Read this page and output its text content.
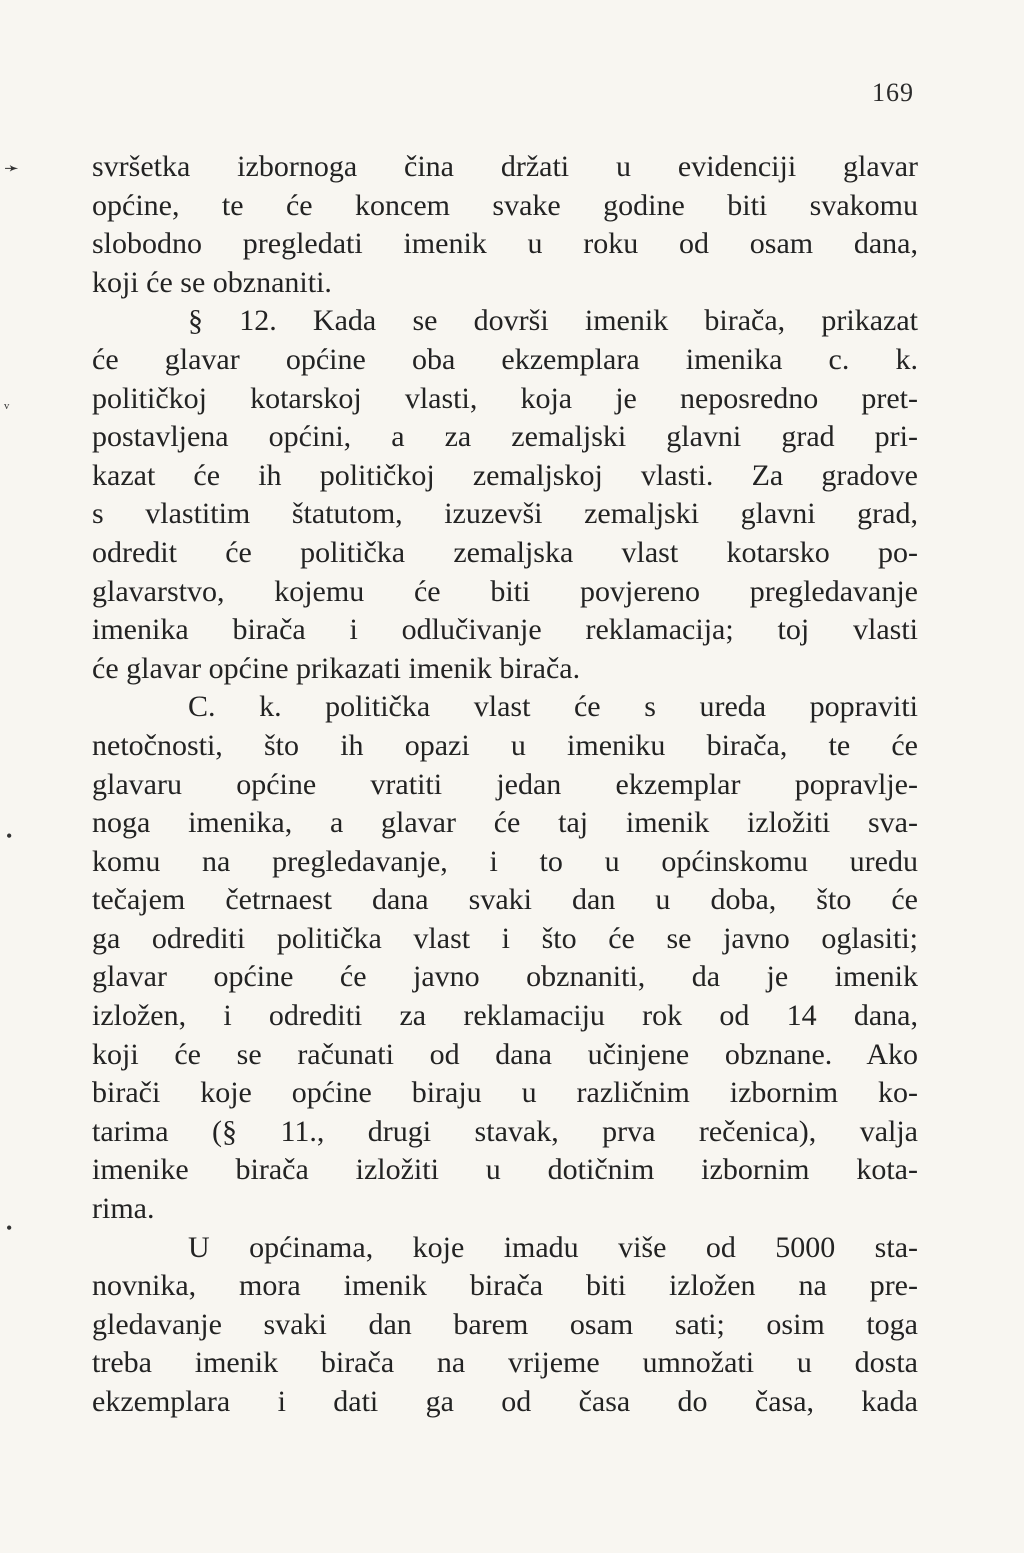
169
➛
ᵛ
•
•
svršetka izbornoga čina držati u evidenciji glavar
općine, te će koncem svake godine biti svakomu
slobodno pregledati imenik u roku od osam dana,
koji će se obznaniti.
§ 12. Kada se dovrši imenik birača, prikazat
će glavar općine oba ekzemplara imenika c. k.
političkoj kotarskoj vlasti, koja je neposredno pret-
postavljena općini, a za zemaljski glavni grad pri-
kazat će ih političkoj zemaljskoj vlasti. Za gradove
s vlastitim štatutom, izuzevši zemaljski glavni grad,
odredit će politička zemaljska vlast kotarsko po-
glavarstvo, kojemu će biti povjereno pregledavanje
imenika birača i odlučivanje reklamacija; toj vlasti
će glavar općine prikazati imenik birača.
C. k. politička vlast će s ureda popraviti
netočnosti, što ih opazi u imeniku birača, te će
glavaru općine vratiti jedan ekzemplar popravlje-
noga imenika, a glavar će taj imenik izložiti sva-
komu na pregledavanje, i to u općinskomu uredu
tečajem četrnaest dana svaki dan u doba, što će
ga odrediti politička vlast i što će se javno oglasiti;
glavar općine će javno obznaniti, da je imenik
izložen, i odrediti za reklamaciju rok od 14 dana,
koji će se računati od dana učinjene obznane. Ako
birači koje općine biraju u različnim izbornim ko-
tarima (§ 11., drugi stavak, prva rečenica), valja
imenike birača izložiti u dotičnim izbornim kota-
rima.
U općinama, koje imadu više od 5000 sta-
novnika, mora imenik birača biti izložen na pre-
gledavanje svaki dan barem osam sati; osim toga
treba imenik birača na vrijeme umnožati u dosta
ekzemplara i dati ga od časa do časa, kada
